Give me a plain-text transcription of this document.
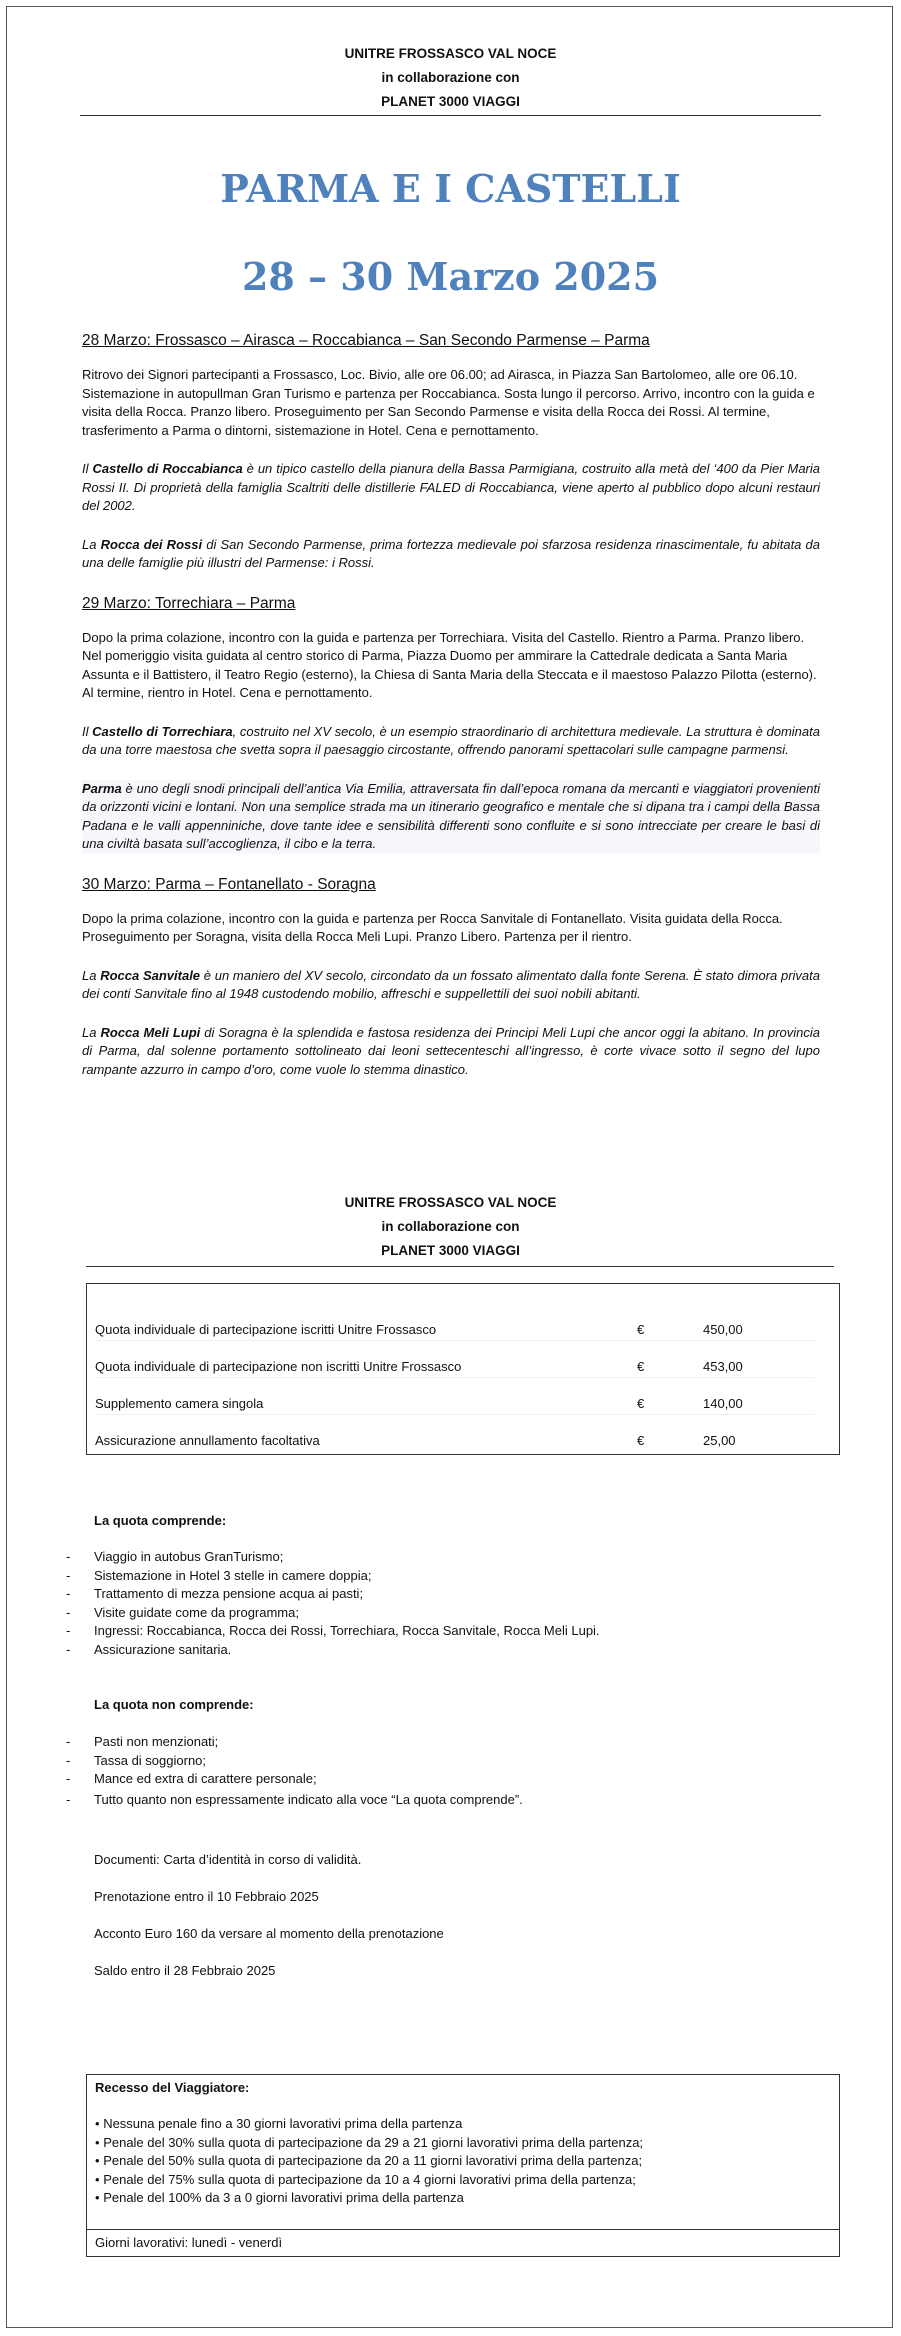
UNITRE FROSSASCO VAL NOCE
in collaborazione con
PLANET 3000 VIAGGI
PARMA E I CASTELLI
28 – 30 Marzo 2025
28 Marzo: Frossasco – Airasca – Roccabianca – San Secondo Parmense – Parma

Ritrovo dei Signori partecipanti a Frossasco, Loc. Bivio, alle ore 06.00; ad Airasca, in Piazza San Bartolomeo, alle ore 06.10. Sistemazione in autopullman Gran Turismo e partenza per Roccabianca. Sosta lungo il percorso. Arrivo, incontro con la guida e visita della Rocca. Pranzo libero. Proseguimento per San Secondo Parmense e visita della Rocca dei Rossi. Al termine, trasferimento a Parma o dintorni, sistemazione in Hotel. Cena e pernottamento.

Il Castello di Roccabianca è un tipico castello della pianura della Bassa Parmigiana, costruito alla metà del ‘400 da Pier Maria Rossi II. Di proprietà della famiglia Scaltriti delle distillerie FALED di Roccabianca, viene aperto al pubblico dopo alcuni restauri del 2002.

La Rocca dei Rossi di San Secondo Parmense, prima fortezza medievale poi sfarzosa residenza rinascimentale, fu abitata da una delle famiglie più illustri del Parmense: i Rossi.

29 Marzo: Torrechiara – Parma

Dopo la prima colazione, incontro con la guida e partenza per Torrechiara. Visita del Castello. Rientro a Parma. Pranzo libero. Nel pomeriggio visita guidata al centro storico di Parma, Piazza Duomo per ammirare la Cattedrale dedicata a Santa Maria Assunta e il Battistero, il Teatro Regio (esterno), la Chiesa di Santa Maria della Steccata e il maestoso Palazzo Pilotta (esterno). Al termine, rientro in Hotel. Cena e pernottamento.

Il Castello di Torrechiara, costruito nel XV secolo, è un esempio straordinario di architettura medievale. La struttura è dominata da una torre maestosa che svetta sopra il paesaggio circostante, offrendo panorami spettacolari sulle campagne parmensi.

Parma è uno degli snodi principali dell’antica Via Emilia, attraversata fin dall’epoca romana da mercanti e viaggiatori provenienti da orizzonti vicini e lontani. Non una semplice strada ma un itinerario geografico e mentale che si dipana tra i campi della Bassa Padana e le valli appenniniche, dove tante idee e sensibilità differenti sono confluite e si sono intrecciate per creare le basi di una civiltà basata sull’accoglienza, il cibo e la terra.

30 Marzo: Parma – Fontanellato - Soragna

Dopo la prima colazione, incontro con la guida e partenza per Rocca Sanvitale di Fontanellato. Visita guidata della Rocca. Proseguimento per Soragna, visita della Rocca Meli Lupi. Pranzo Libero. Partenza per il rientro.

La Rocca Sanvitale è un maniero del XV secolo, circondato da un fossato alimentato dalla fonte Serena. È stato dimora privata dei conti Sanvitale fino al 1948 custodendo mobilio, affreschi e suppellettili dei suoi nobili abitanti.

La Rocca Meli Lupi di Soragna è la splendida e fastosa residenza dei Principi Meli Lupi che ancor oggi la abitano. In provincia di Parma, dal solenne portamento sottolineato dai leoni settecenteschi all’ingresso, è corte vivace sotto il segno del lupo rampante azzurro in campo d’oro, come vuole lo stemma dinastico.

UNITRE FROSSASCO VAL NOCE
in collaborazione con
PLANET 3000 VIAGGI
Quota individuale di partecipazione iscritti Unitre Frossasco	€	450,00
Quota individuale di partecipazione non iscritti Unitre Frossasco	€	453,00
Supplemento camera singola	€	140,00
Assicurazione annullamento facoltativa	€	25,00
La quota comprende:
- Viaggio in autobus GranTurismo;
- Sistemazione in Hotel 3 stelle in camere doppia;
- Trattamento di mezza pensione acqua ai pasti;
- Visite guidate come da programma;
- Ingressi: Roccabianca, Rocca dei Rossi, Torrechiara, Rocca Sanvitale, Rocca Meli Lupi.
- Assicurazione sanitaria.
La quota non comprende:
- Pasti non menzionati;
- Tassa di soggiorno;
- Mance ed extra di carattere personale;
- Tutto quanto non espressamente indicato alla voce “La quota comprende”.
Documenti: Carta d’identità in corso di validità.
Prenotazione entro il 10 Febbraio 2025
Acconto Euro 160 da versare al momento della prenotazione
Saldo entro il 28 Febbraio 2025
Recesso del Viaggiatore:
• Nessuna penale fino a 30 giorni lavorativi prima della partenza
• Penale del 30% sulla quota di partecipazione da 29 a 21 giorni lavorativi prima della partenza;
• Penale del 50% sulla quota di partecipazione da 20 a 11 giorni lavorativi prima della partenza;
• Penale del 75% sulla quota di partecipazione da 10 a 4 giorni lavorativi prima della partenza;
• Penale del 100% da 3 a 0 giorni lavorativi prima della partenza
Giorni lavorativi: lunedì - venerdì
